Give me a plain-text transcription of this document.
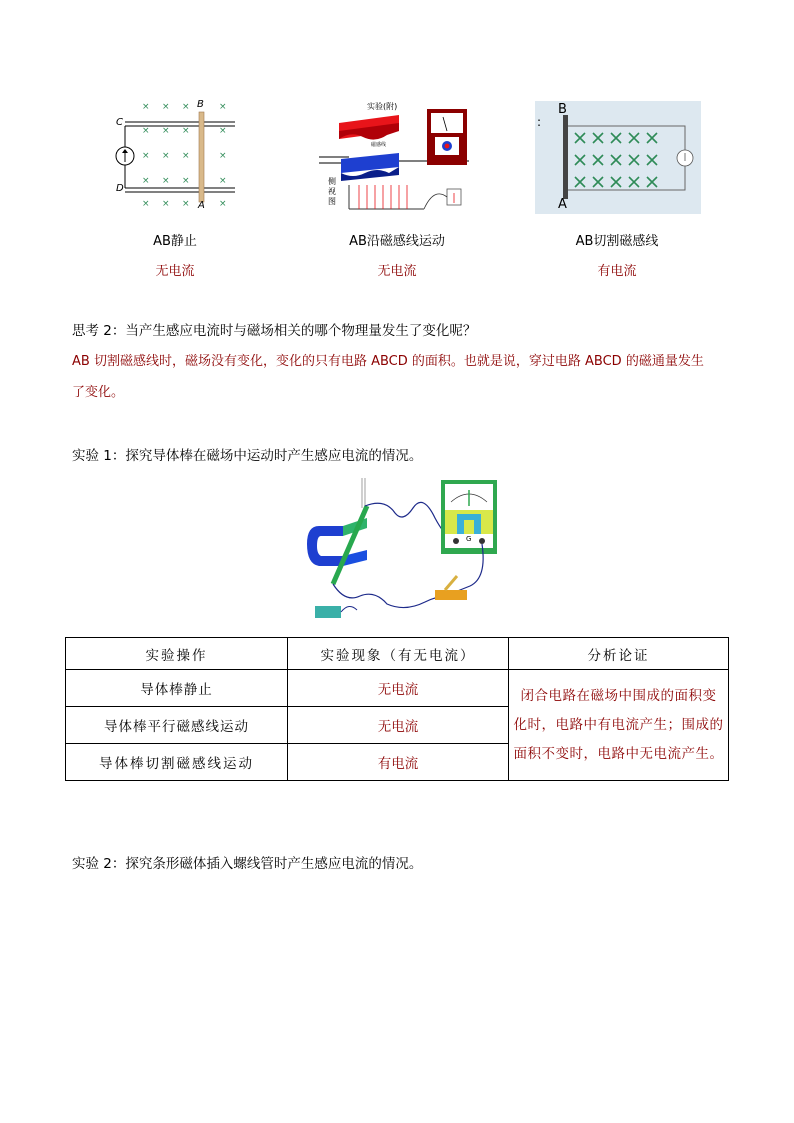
× × ×	×
× × ×	×
× × ×	×
× × ×	×
× × ×	×
B
C
D
A
AB静止
无电流
实验(附)
磁感线
侧视图
AB沿磁感线运动
无电流
B
A
:
AB切割磁感线
有电流
思考 2：当产生感应电流时与磁场相关的哪个物理量发生了变化呢？
AB 切割磁感线时，磁场没有变化，变化的只有电路 ABCD 的面积。也就是说，穿过电路 ABCD 的磁通量发生
了变化。
实验 1：探究导体棒在磁场中运动时产生感应电流的情况。
G
实验操作	实验现象（有无电流）	分析论证
导体棒静止	无电流	闭合电路在磁场中围成的面积变
化时，电路中有电流产生；围成的
面积不变时，电路中无电流产生。

导体棒平行磁感线运动	无电流	
导体棒切割磁感线运动	有电流	
实验 2：探究条形磁体插入螺线管时产生感应电流的情况。
